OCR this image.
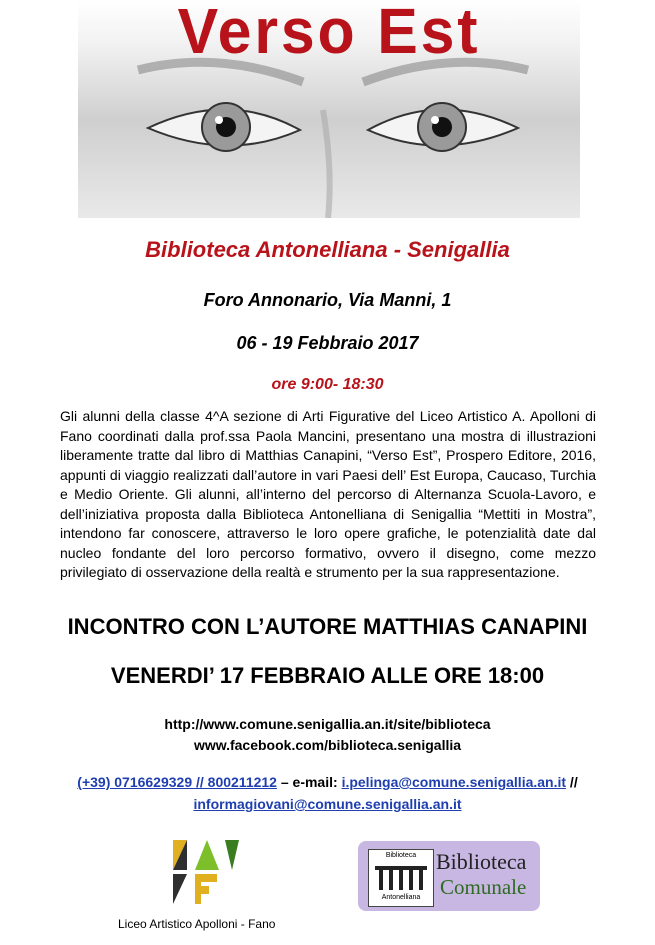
Verso Est
Biblioteca Antonelliana - Senigallia
Foro Annonario, Via Manni, 1
06 - 19 Febbraio 2017
ore 9:00- 18:30
Gli alunni della classe 4^A sezione di Arti Figurative del Liceo Artistico A. Apolloni di Fano coordinati dalla prof.ssa Paola Mancini, presentano una mostra di illustrazioni liberamente tratte dal libro di Matthias Canapini, “Verso Est”, Prospero Editore, 2016, appunti di viaggio realizzati dall’autore in vari Paesi dell’ Est Europa, Caucaso, Turchia e Medio Oriente. Gli alunni, all’interno del percorso di Alternanza Scuola-Lavoro, e dell’iniziativa proposta dalla Biblioteca Antonelliana di Senigallia “Mettiti in Mostra”, intendono far conoscere, attraverso le loro opere grafiche, le potenzialità date dal nucleo fondante del loro percorso formativo, ovvero il disegno, come mezzo privilegiato di osservazione della realtà e strumento per la sua rappresentazione.
INCONTRO CON L’AUTORE MATTHIAS CANAPINI
VENERDI’ 17 FEBBRAIO ALLE ORE 18:00
http://www.comune.senigallia.an.it/site/biblioteca
www.facebook.com/biblioteca.senigallia
(+39) 0716629329 // 800211212 – e-mail: i.pelinga@comune.senigallia.an.it //
informagiovani@comune.senigallia.an.it
Liceo Artistico Apolloni - Fano
Biblioteca
Antonelliana
Biblioteca
Comunale
